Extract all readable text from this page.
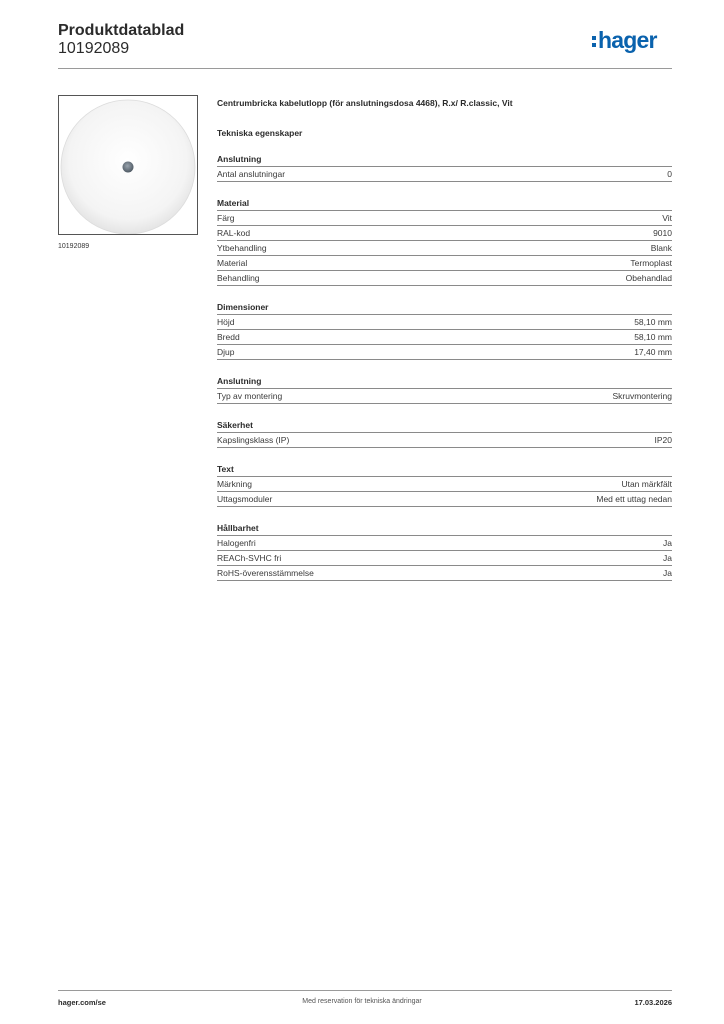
Produktdatablad
10192089	hager
10192089
Centrumbricka kabelutlopp (för anslutningsdosa 4468), R.x/ R.classic, Vit
Tekniska egenskaper
Anslutning
Antal anslutningar	0
Material
Färg	Vit
RAL-kod	9010
Ytbehandling	Blank
Material	Termoplast
Behandling	Obehandlad
Dimensioner
Höjd	58,10 mm
Bredd	58,10 mm
Djup	17,40 mm
Anslutning
Typ av montering	Skruvmontering
Säkerhet
Kapslingsklass (IP)	IP20
Text
Märkning	Utan märkfält
Uttagsmoduler	Med ett uttag nedan
Hållbarhet
Halogenfri	Ja
REACh-SVHC fri	Ja
RoHS-överensstämmelse	Ja
hager.com/se	Med reservation för tekniska ändringar	17.03.2026
